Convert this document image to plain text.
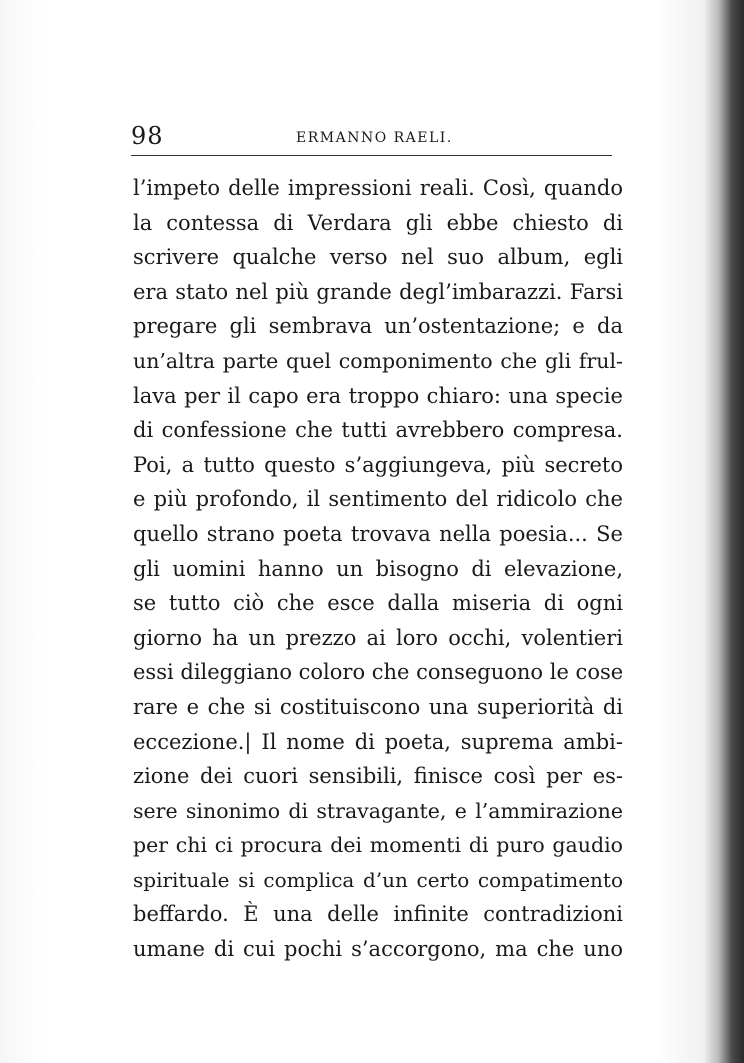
98	ERMANNO RAELI.
l’impeto delle impressioni reali. Così, quando
la contessa di Verdara gli ebbe chiesto di
scrivere qualche verso nel suo album, egli
era stato nel più grande degl’imbarazzi. Farsi
pregare gli sembrava un’ostentazione; e da
un’altra parte quel componimento che gli frul-
lava per il capo era troppo chiaro: una specie
di confessione che tutti avrebbero compresa.
Poi, a tutto questo s’aggiungeva, più secreto
e più profondo, il sentimento del ridicolo che
quello strano poeta trovava nella poesia... Se
gli uomini hanno un bisogno di elevazione,
se tutto ciò che esce dalla miseria di ogni
giorno ha un prezzo ai loro occhi, volentieri
essi dileggiano coloro che conseguono le cose
rare e che si costituiscono una superiorità di
eccezione.| Il nome di poeta, suprema ambi-
zione dei cuori sensibili, finisce così per es-
sere sinonimo di stravagante, e l’ammirazione
per chi ci procura dei momenti di puro gaudio
spirituale si complica d’un certo compatimento
beffardo. È una delle infinite contradizioni
umane di cui pochi s’accorgono, ma che uno
